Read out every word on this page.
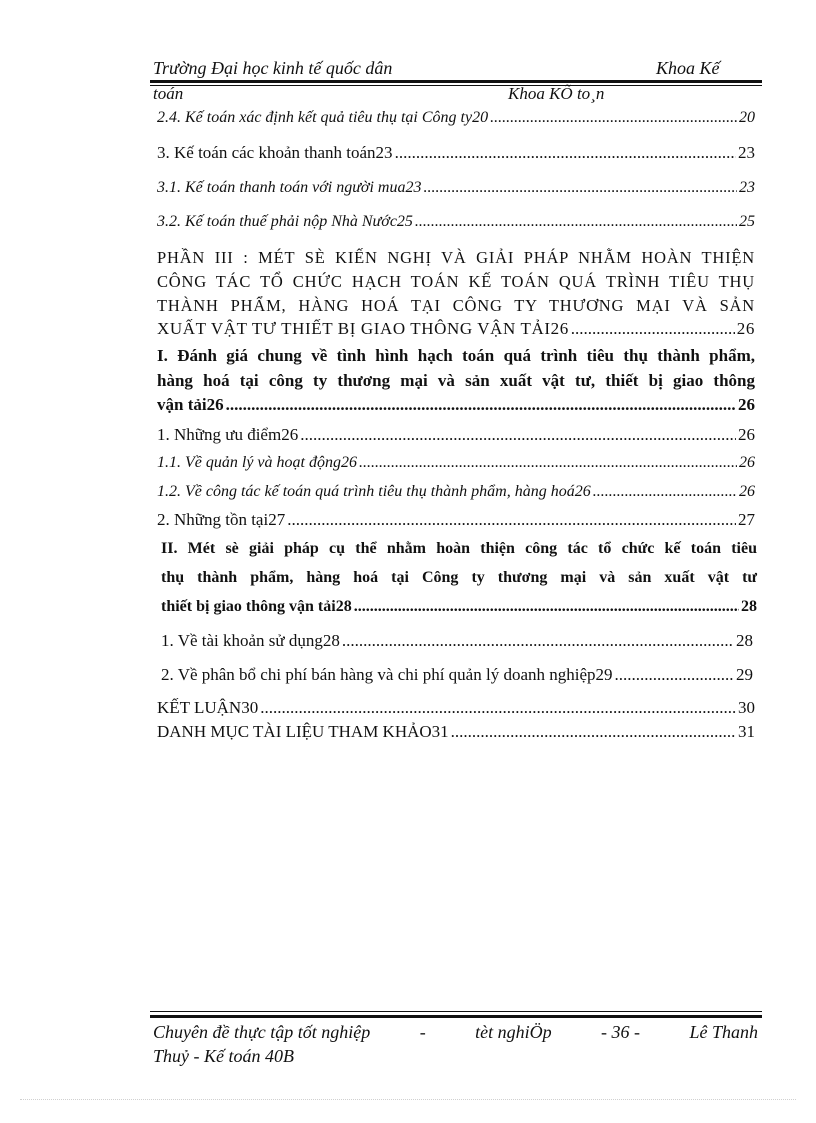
Trường Đại học kinh tế quốc dân	Khoa Kế
toán	Khoa KÕ to¸n
2.4. Kế toán xác định kết quả tiêu thụ tại Công ty20 .....	20
3. Kế toán các khoản thanh toán23 .....	23
3.1. Kế toán thanh toán với người mua23 .....	23
3.2. Kế toán thuế phải nộp Nhà Nước25 .....	25
PHẦN III : MÉT SÈ KIẾN NGHỊ VÀ GIẢI PHÁP NHẰM HOÀN THIỆN
CÔNG TÁC TỔ CHỨC HẠCH TOÁN KẾ TOÁN QUÁ TRÌNH TIÊU THỤ
THÀNH PHẨM, HÀNG HOÁ TẠI CÔNG TY THƯƠNG MẠI VÀ SẢN
XUẤT VẬT TƯ THIẾT BỊ GIAO THÔNG VẬN TẢI26 .....	26
I. Đánh giá chung về tình hình hạch toán quá trình tiêu thụ thành phẩm,
hàng hoá tại công ty thương mại và sản xuất vật tư, thiết bị giao thông
vận tải26 .....	26
1. Những ưu điểm26 .....	26
1.1. Về quản lý và hoạt động26 .....	26
1.2. Về công tác kế toán quá trình tiêu thụ thành phẩm, hàng hoá26 .....	26
2. Những tồn tại27 .....	27
II. Mét sè giải pháp cụ thể nhằm hoàn thiện công tác tổ chức kế toán tiêu
thụ thành phẩm, hàng hoá tại Công ty thương mại và sản xuất vật tư
thiết bị giao thông vận tải28 .....	28
1. Về tài khoản sử dụng28 .....	28
2. Về phân bổ chi phí bán hàng và chi phí quản lý doanh nghiệp29 .....	29
KẾT LUẬN30 .....	30
DANH MỤC TÀI LIỆU THAM KHẢO31 .....	31
Chuyên đề thực tập tốt nghiệp	-	tèt nghiÖp	- 36 -	Lê Thanh
Thuỷ - Kế toán 40B
